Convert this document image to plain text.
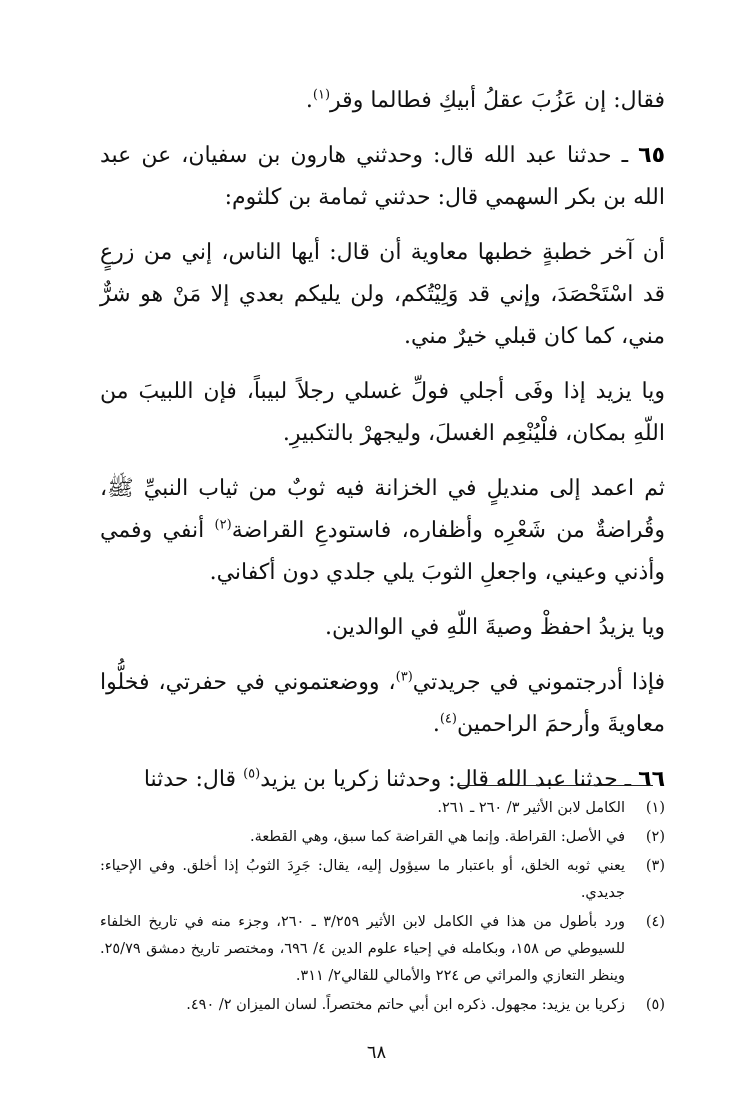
فقال: إن عَزُبَ عقلُ أبيكِ فطالما وقر$^{(١)}$.

٦٥ ـ حدثنا عبد الله قال: وحدثني هارون بن سفيان، عن عبد الله بن بكر السهمي قال: حدثني ثمامة بن كلثوم:

أن آخر خطبةٍ خطبها معاوية أن قال: أيها الناس، إني من زرعٍ قد اسْتَحْصَدَ، وإني قد وَلِيْتُكم، ولن يليكم بعدي إلا مَنْ هو شرٌّ مني، كما كان قبلي خيرٌ مني.

ويا يزيد إذا وفَى أجلي فولِّ غسلي رجلاً لبيباً، فإن اللبيبَ من اللّهِ بمكان، فلْيُنْعِم الغسلَ، وليجهرْ بالتكبيرِ.

ثم اعمد إلى منديلٍ في الخزانة فيه ثوبٌ من ثياب النبيِّ ﷺ، وقُراضةٌ من شَعْرِه وأظفاره، فاستودعِ القراضة$^{(٢)}$ أنفي وفمي وأذني وعيني، واجعلِ الثوبَ يلي جلدي دون أكفاني.

ويا يزيدُ احفظْ وصيةَ اللّهِ في الوالدين.

فإذا أدرجتموني في جريدتي$^{(٣)}$، ووضعتموني في حفرتي، فخلُّوا معاويةَ وأرحمَ الراحمين$^{(٤)}$.

٦٦ ـ حدثنا عبد الله قال: وحدثنا زكريا بن يزيد$^{(٥)}$ قال: حدثنا

(١)
الكامل لابن الأثير ٣/ ٢٦٠ ـ ٢٦١.
(٢)
في الأصل: القراطة. وإنما هي القراضة كما سبق، وهي القطعة.
(٣)
يعني ثوبه الخلق، أو باعتبار ما سيؤول إليه، يقال: جَرِدَ الثوبُ إذا أخلق. وفي الإحياء: جديدي.
(٤)
ورد بأطول من هذا في الكامل لابن الأثير ٣/٢٥٩ ـ ٢٦٠، وجزء منه في تاريخ الخلفاء للسيوطي ص ١٥٨، وبكامله في إحياء علوم الدين ٤/ ٦٩٦، ومختصر تاريخ دمشق ٢٥/٧٩. وينظر التعازي والمراثي ص ٢٢٤ والأمالي للقالي٢/ ٣١١.
(٥)
زكريا بن يزيد: مجهول. ذكره ابن أبي حاتم مختصراً. لسان الميزان ٢/ ٤٩٠.
٦٨
